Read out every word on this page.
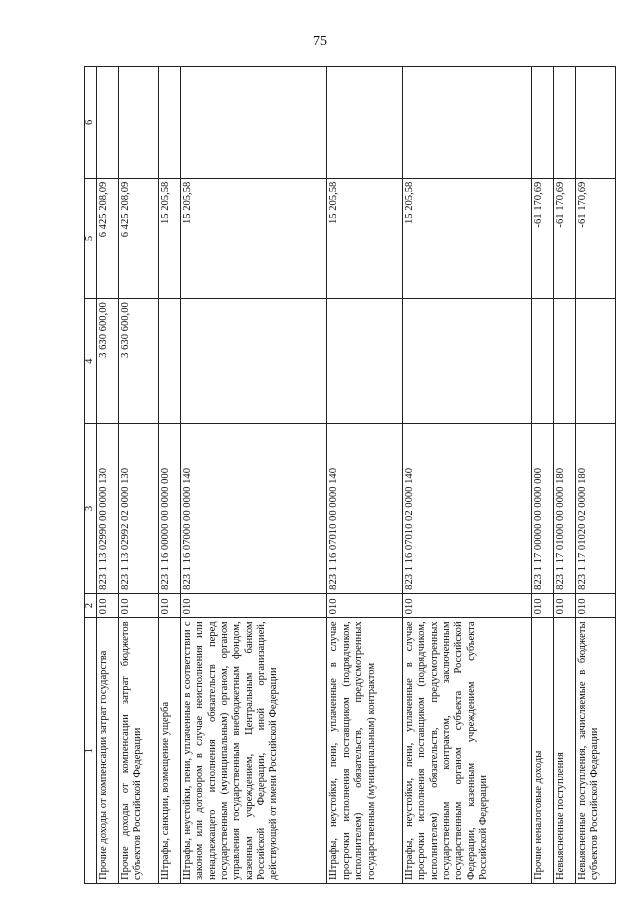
75
1	2	3	4	5	6
Прочие доходы от компенсации затрат государства	010	823 1 13 02990 00 0000 130	3 630 600,00	6 425 208,09	
Прочие доходы от компенсации затрат бюджетов субъектов Российской Федерации	010	823 1 13 02992 02 0000 130	3 630 600,00	6 425 208,09	
Штрафы, санкции, возмещение ущерба	010	823 1 16 00000 00 0000 000		15 205,58	
Штрафы, неустойки, пени, уплаченные в соответствии с законом или договором в случае неисполнения или ненадлежащего исполнения обязательств перед государственным (муниципальным) органом, органом управления государственным внебюджетным фондом, казенным учреждением, Центральным банком Российской Федерации, иной организацией, действующей от имени Российской Федерации	010	823 1 16 07000 00 0000 140		15 205,58	
Штрафы, неустойки, пени, уплаченные в случае просрочки исполнения поставщиком (подрядчиком, исполнителем) обязательств, предусмотренных государственным (муниципальным) контрактом	010	823 1 16 07010 00 0000 140		15 205,58	
Штрафы, неустойки, пени, уплаченные в случае просрочки исполнения поставщиком (подрядчиком, исполнителем) обязательств, предусмотренных государственным контрактом, заключенным государственным органом субъекта Российской Федерации, казенным учреждением субъекта Российской Федерации	010	823 1 16 07010 02 0000 140		15 205,58	
Прочие неналоговые доходы	010	823 1 17 00000 00 0000 000		-61 170,69	
Невыясненные поступления	010	823 1 17 01000 00 0000 180		-61 170,69	
Невыясненные поступления, зачисляемые в бюджеты субъектов Российской Федерации	010	823 1 17 01020 02 0000 180		-61 170,69	
